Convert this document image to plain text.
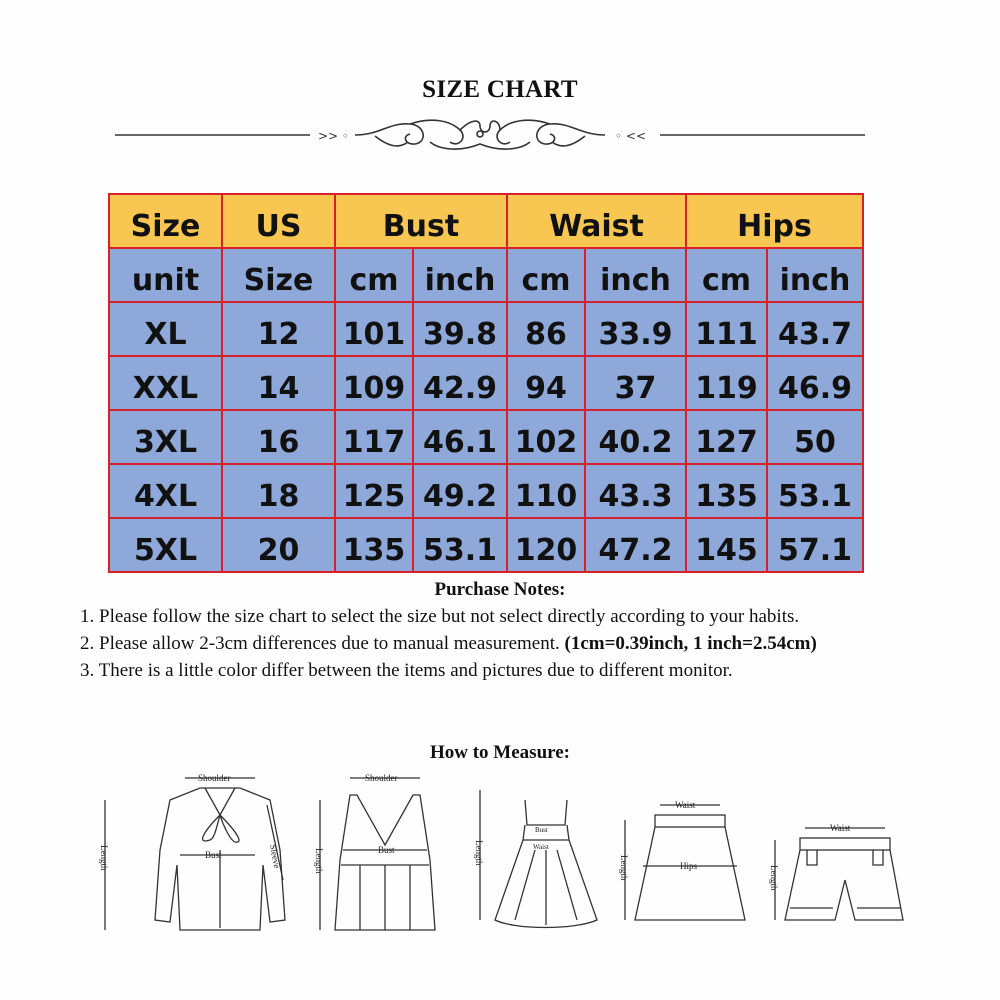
SIZE CHART
>> ◦	◦ <<
Size	US	Bust		Waist		Hips	
unit	Size	cm	inch	cm	inch	cm	inch
XL	12	101	39.8	86	33.9	111	43.7
XXL	14	109	42.9	94	37	119	46.9
3XL	16	117	46.1	102	40.2	127	50
4XL	18	125	49.2	110	43.3	135	53.1
5XL	20	135	53.1	120	47.2	145	57.1
Purchase Notes:

1. Please follow the size chart to select the size but not select directly according to your habits.

2. Please allow 2-3cm differences due to manual measurement. (1cm=0.39inch, 1 inch=2.54cm)

3. There is a little color differ between the items and pictures due to different monitor.

How to Measure:
Shoulder
Bust	Sleeve
Length
Shoulder
Bust
Length
Bust
Waist
Length
Waist
Hips
Length
Waist
Length
